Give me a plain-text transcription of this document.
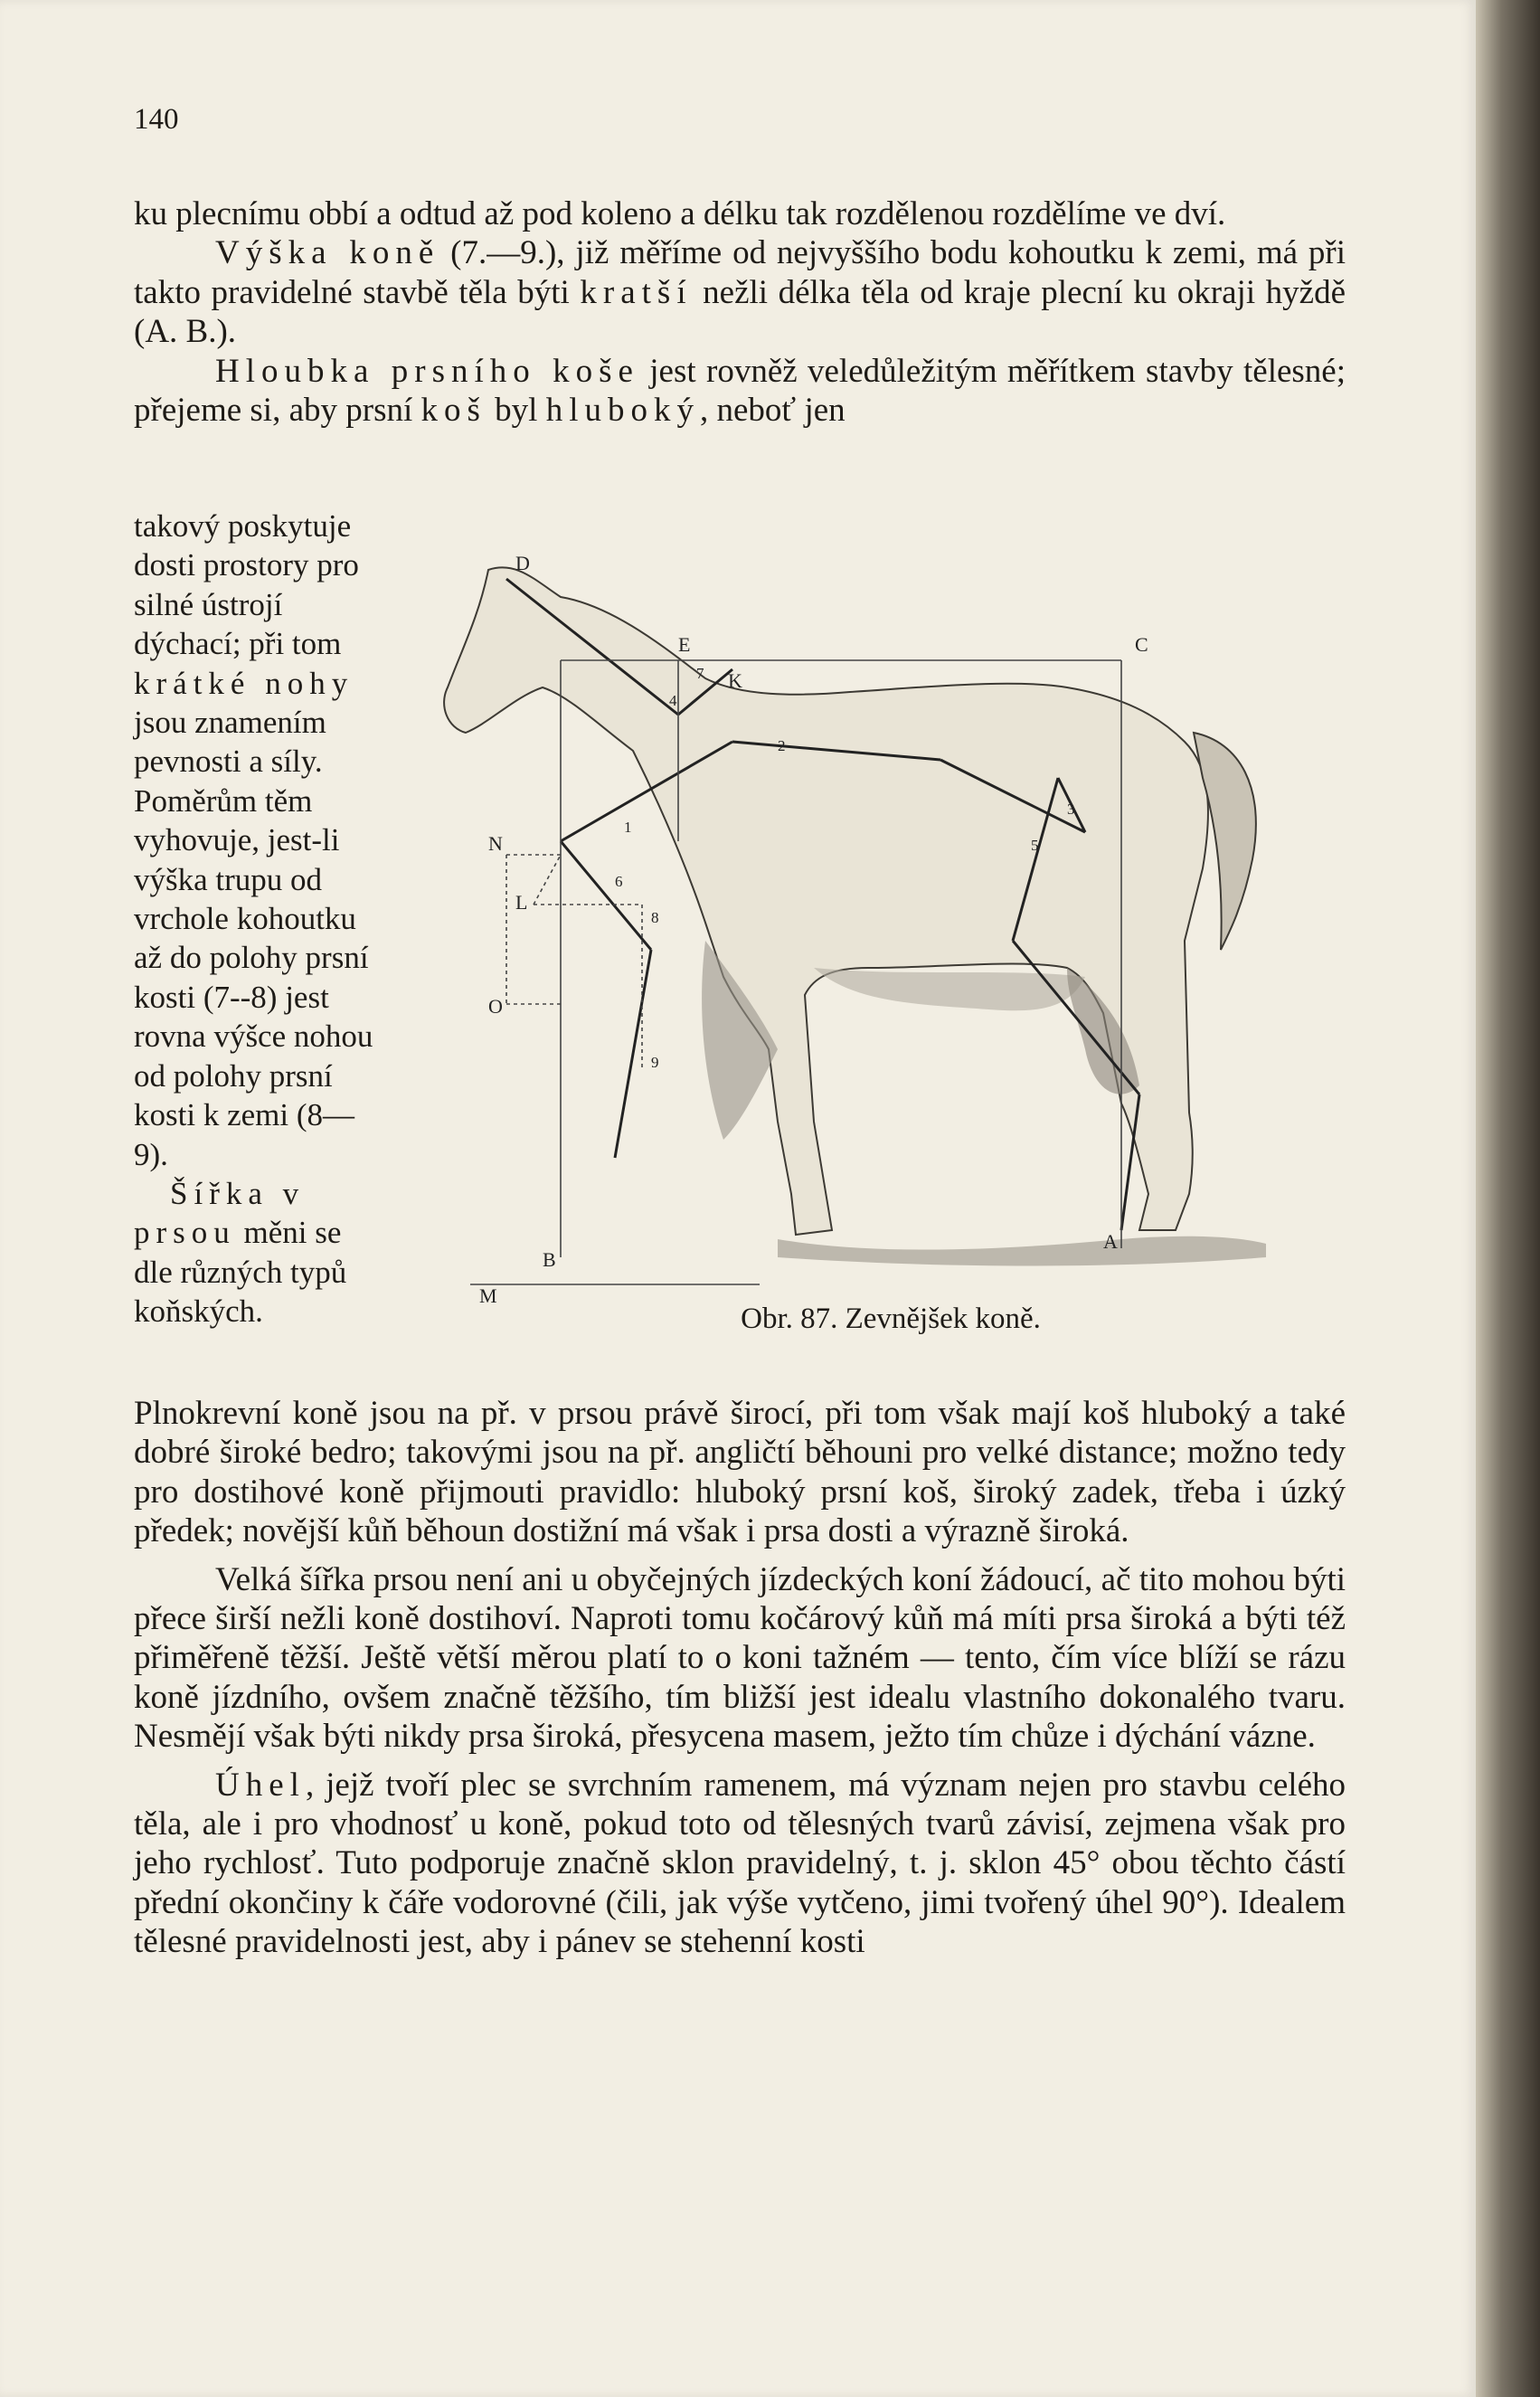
140

ku plecnímu obbí a odtud až pod koleno a délku tak rozdělenou rozdělíme ve dví.

Výška koně (7.—9.), již měříme od nejvyššího bodu kohoutku k zemi, má při takto pravidelné stavbě těla býti kratší nežli délka těla od kraje plecní ku okraji hyždě (A. B.).

Hloubka prsního koše jest rovněž veledůležitým měřítkem stavby tělesné; přejeme si, aby prsní koš byl hluboký, neboť jen

takový poskytuje dosti prostory pro silné ústrojí dýchací; při tom krátké nohy jsou znamením pevnosti a síly. Poměrům těm vyhovuje, jest-li výška trupu od vrchole kohoutku až do polohy prsní kosti (7--8) jest rovna výšce nohou od polohy prsní kosti k zemi (8—9).

Šířka v prsou měni se dle různých typů koňských.

D
E	C
K
N
L
O
B
M
A
1
2
3
4
5
6
7
8
9
Obr. 87. Zevnějšek koně.

Plnokrevní koně jsou na př. v prsou právě širocí, při tom však mají koš hluboký a také dobré široké bedro; takovými jsou na př. angličtí běhouni pro velké distance; možno tedy pro dostihové koně přijmouti pravidlo: hluboký prsní koš, široký zadek, třeba i úzký předek; novější kůň běhoun dostižní má však i prsa dosti a výrazně široká.

Velká šířka prsou není ani u obyčejných jízdeckých koní žádoucí, ač tito mohou býti přece širší nežli koně dostihoví. Naproti tomu kočárový kůň má míti prsa široká a býti též přiměřeně těžší. Ještě větší měrou platí to o koni tažném — tento, čím více blíží se rázu koně jízdního, ovšem značně těžšího, tím bližší jest idealu vlastního dokonalého tvaru. Nesmějí však býti nikdy prsa široká, přesycena masem, ježto tím chůze i dýchání vázne.

Úhel, jejž tvoří plec se svrchním ramenem, má význam nejen pro stavbu celého těla, ale i pro vhodnosť u koně, pokud toto od tělesných tvarů závisí, zejmena však pro jeho rychlosť. Tuto podporuje značně sklon pravidelný, t. j. sklon 45° obou těchto částí přední okončiny k čáře vodorovné (čili, jak výše vytčeno, jimi tvořený úhel 90°). Idealem tělesné pravidelnosti jest, aby i pánev se stehenní kosti
